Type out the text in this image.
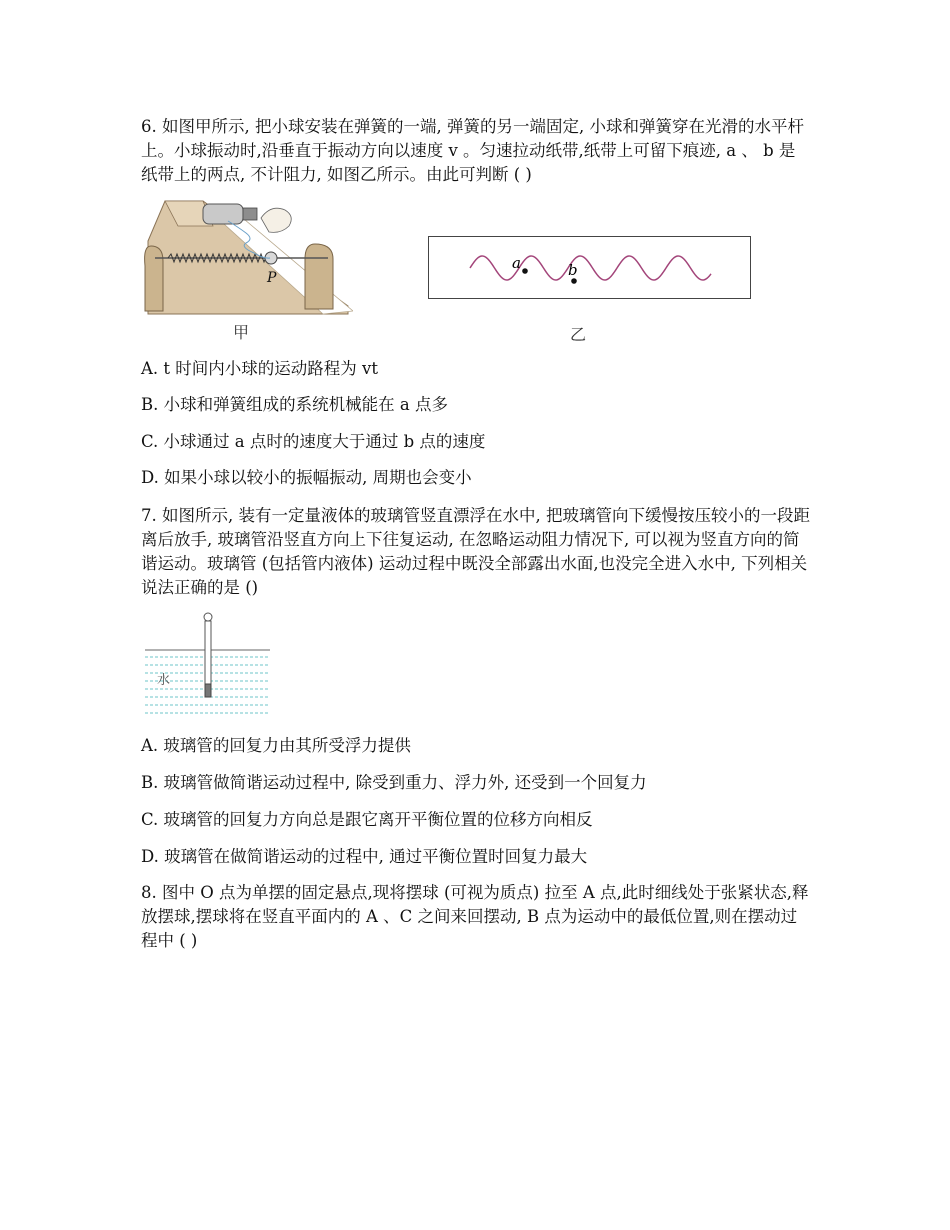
6. 如图甲所示, 把小球安装在弹簧的一端, 弹簧的另一端固定, 小球和弹簧穿在光滑的水平杆上。小球振动时,沿垂直于振动方向以速度 v 。匀速拉动纸带,纸带上可留下痕迹, a 、 b 是纸带上的两点, 不计阻力, 如图乙所示。由此可判断 ( )

P
甲
a	b
乙

A. t 时间内小球的运动路程为 vt

B. 小球和弹簧组成的系统机械能在 a 点多

C. 小球通过 a 点时的速度大于通过 b 点的速度

D. 如果小球以较小的振幅振动, 周期也会变小

7. 如图所示, 装有一定量液体的玻璃管竖直漂浮在水中, 把玻璃管向下缓慢按压较小的一段距离后放手, 玻璃管沿竖直方向上下往复运动, 在忽略运动阻力情况下, 可以视为竖直方向的简谐运动。玻璃管 (包括管内液体) 运动过程中既没全部露出水面,也没完全进入水中, 下列相关说法正确的是 ()

水

A. 玻璃管的回复力由其所受浮力提供

B. 玻璃管做简谐运动过程中, 除受到重力、浮力外, 还受到一个回复力

C. 玻璃管的回复力方向总是跟它离开平衡位置的位移方向相反

D. 玻璃管在做简谐运动的过程中, 通过平衡位置时回复力最大

8. 图中 O 点为单摆的固定悬点,现将摆球 (可视为质点) 拉至 A 点,此时细线处于张紧状态,释放摆球,摆球将在竖直平面内的 A 、C 之间来回摆动, B 点为运动中的最低位置,则在摆动过程中 ( )
